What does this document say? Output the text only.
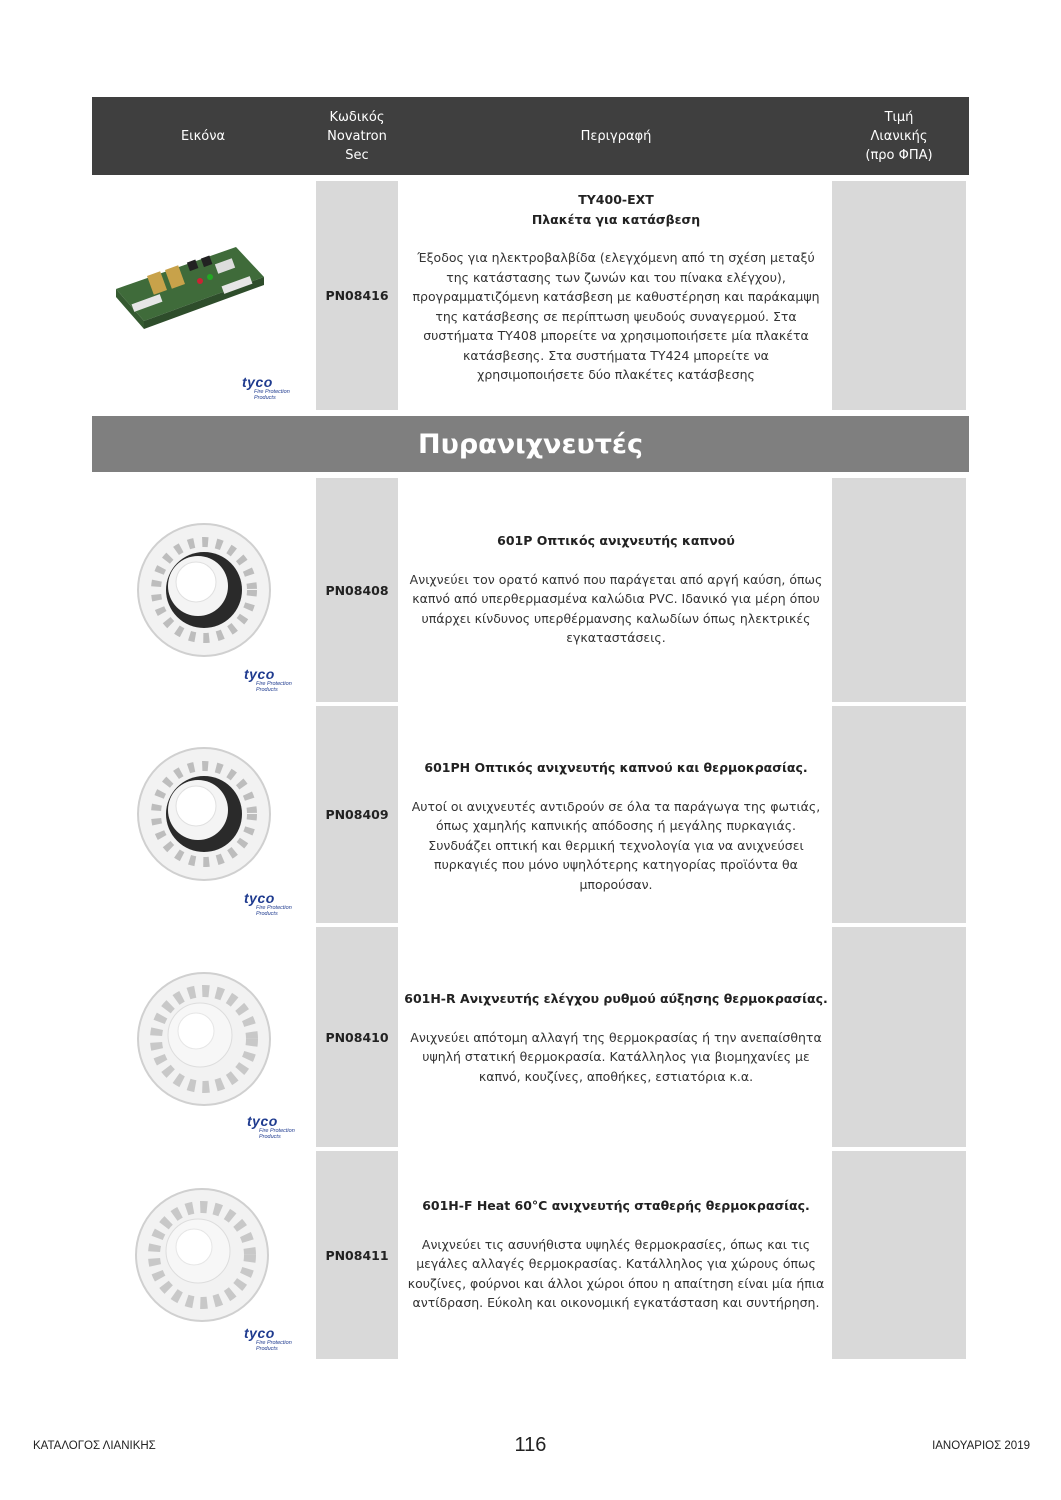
Εικόνα
Κωδικός
Novatron
Sec
Περιγραφή
Τιμή
Λιανικής
(προ ΦΠΑ)
tyco
Fire Protection
Products
PN08416
TY400-EXT
Πλακέτα για κατάσβεση
Έξοδος για ηλεκτροβαλβίδα (ελεγχόμενη από τη σχέση μεταξύ της κατάστασης των ζωνών και του πίνακα ελέγχου), προγραμματιζόμενη κατάσβεση με καθυστέρηση και παράκαμψη της κατάσβεσης σε περίπτωση ψευδούς συναγερμού. Στα συστήματα TY408 μπορείτε να χρησιμοποιήσετε μία πλακέτα κατάσβεσης. Στα συστήματα TY424 μπορείτε να χρησιμοποιήσετε δύο πλακέτες κατάσβεσης
Πυρανιχνευτές
tyco
Fire Protection
Products
PN08408
601P Οπτικός ανιχνευτής καπνού
Ανιχνεύει τον ορατό καπνό που παράγεται από αργή καύση, όπως καπνό από υπερθερμασμένα καλώδια PVC. Ιδανικό για μέρη όπου υπάρχει κίνδυνος υπερθέρμανσης καλωδίων όπως ηλεκτρικές εγκαταστάσεις.
tyco
Fire Protection
Products
PN08409
601PH Οπτικός ανιχνευτής καπνού και θερμοκρασίας.
Αυτοί οι ανιχνευτές αντιδρούν σε όλα τα παράγωγα της φωτιάς, όπως χαμηλής καπνικής απόδοσης ή μεγάλης πυρκαγιάς. Συνδυάζει οπτική και θερμική τεχνολογία για να ανιχνεύσει πυρκαγιές που μόνο υψηλότερης κατηγορίας προϊόντα θα μπορούσαν.
tyco
Fire Protection
Products
PN08410
601H-R Ανιχνευτής ελέγχου ρυθμού αύξησης θερμοκρασίας.
Ανιχνεύει απότομη αλλαγή της θερμοκρασίας ή την ανεπαίσθητα υψηλή στατική θερμοκρασία. Κατάλληλος για βιομηχανίες με καπνό, κουζίνες, αποθήκες, εστιατόρια κ.α.
tyco
Fire Protection
Products
PN08411
601H-F Heat 60°C ανιχνευτής σταθερής θερμοκρασίας.
Ανιχνεύει τις ασυνήθιστα υψηλές θερμοκρασίες, όπως και τις μεγάλες αλλαγές θερμοκρασίας. Κατάλληλος για χώρους όπως κουζίνες, φούρνοι και άλλοι χώροι όπου η απαίτηση είναι μία ήπια αντίδραση. Εύκολη και οικονομική εγκατάσταση και συντήρηση.
ΚΑΤΑΛΟΓΟΣ ΛΙΑΝΙΚΗΣ	116	ΙΑΝΟΥΑΡΙΟΣ 2019
